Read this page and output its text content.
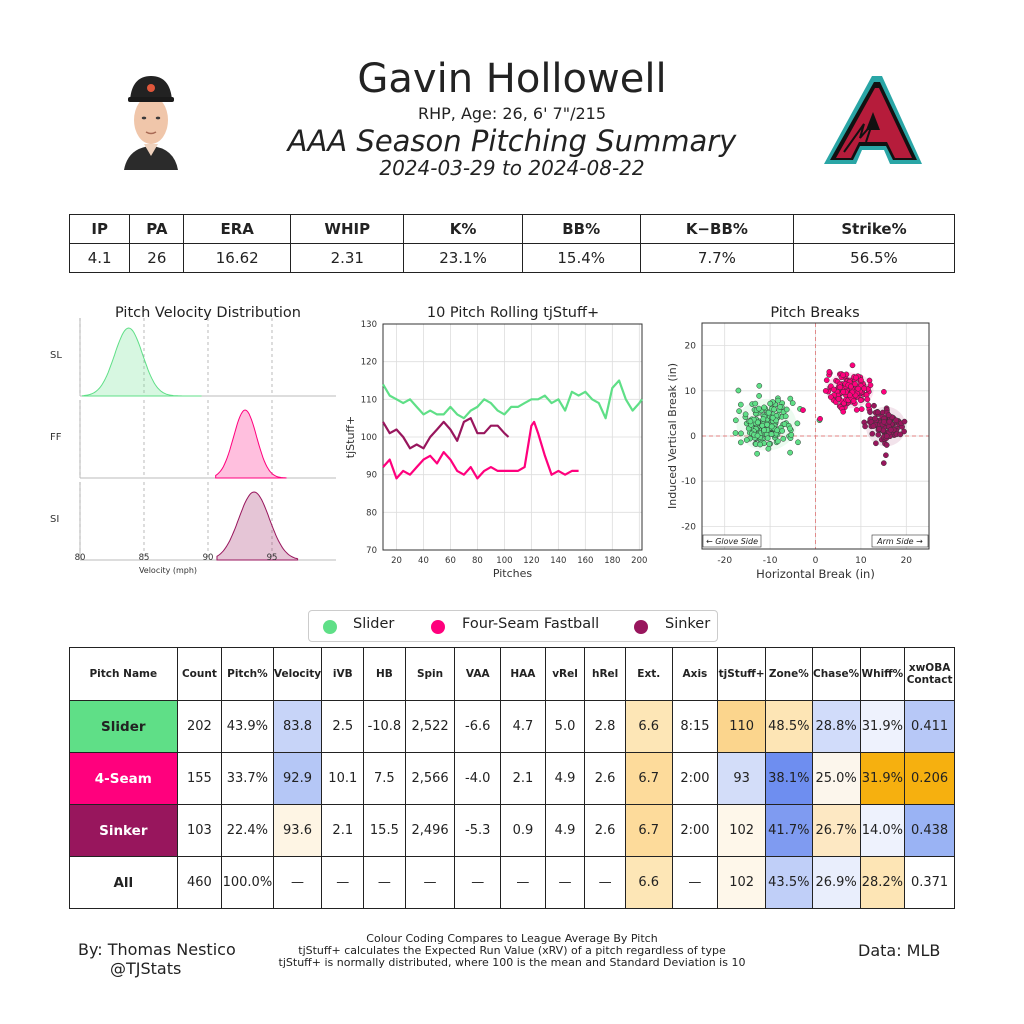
Gavin Hollowell
RHP, Age: 26, 6' 7"/215
AAA Season Pitching Summary
2024-03-29 to 2024-08-22
IP	PA	ERA	WHIP	K%	BB%	K−BB%	Strike%
4.1	26	16.62	2.31	23.1%	15.4%	7.7%	56.5%
Pitch Velocity Distribution
SL
FF
SI
80	85	90	95
Velocity (mph)
10 Pitch Rolling tjStuff+
20 40 60 80 100 120 140 160 180 200
70
80
90
100
110
120
130
Pitches
tjStuff+
Pitch Breaks
-20	-10	0	10	20
-20
-10
0
10
20
Horizontal Break (in)
Induced Vertical Break (in)
← Glove Side	Arm Side →
Slider	Four-Seam Fastball	Sinker
Pitch Name	Count	Pitch%	Velocity	iVB	HB	Spin	VAA	HAA	vRel	hRel	Ext.	Axis	tjStuff+	Zone%	Chase%	Whiff%	xwOBA Contact
Slider	202	43.9%	83.8	2.5	-10.8	2,522	-6.6	4.7	5.0	2.8	6.6	8:15	110	48.5%	28.8%	31.9%	0.411
4-Seam	155	33.7%	92.9	10.1	7.5	2,566	-4.0	2.1	4.9	2.6	6.7	2:00	93	38.1%	25.0%	31.9%	0.206
Sinker	103	22.4%	93.6	2.1	15.5	2,496	-5.3	0.9	4.9	2.6	6.7	2:00	102	41.7%	26.7%	14.0%	0.438
All	460	100.0%	—	—	—	—	—	—	—	—	6.6	—	102	43.5%	26.9%	28.2%	0.371
By: Thomas Nestico
@TJStats
Colour Coding Compares to League Average By Pitch
tjStuff+ calculates the Expected Run Value (xRV) of a pitch regardless of type
tjStuff+ is normally distributed, where 100 is the mean and Standard Deviation is 10
Data: MLB
